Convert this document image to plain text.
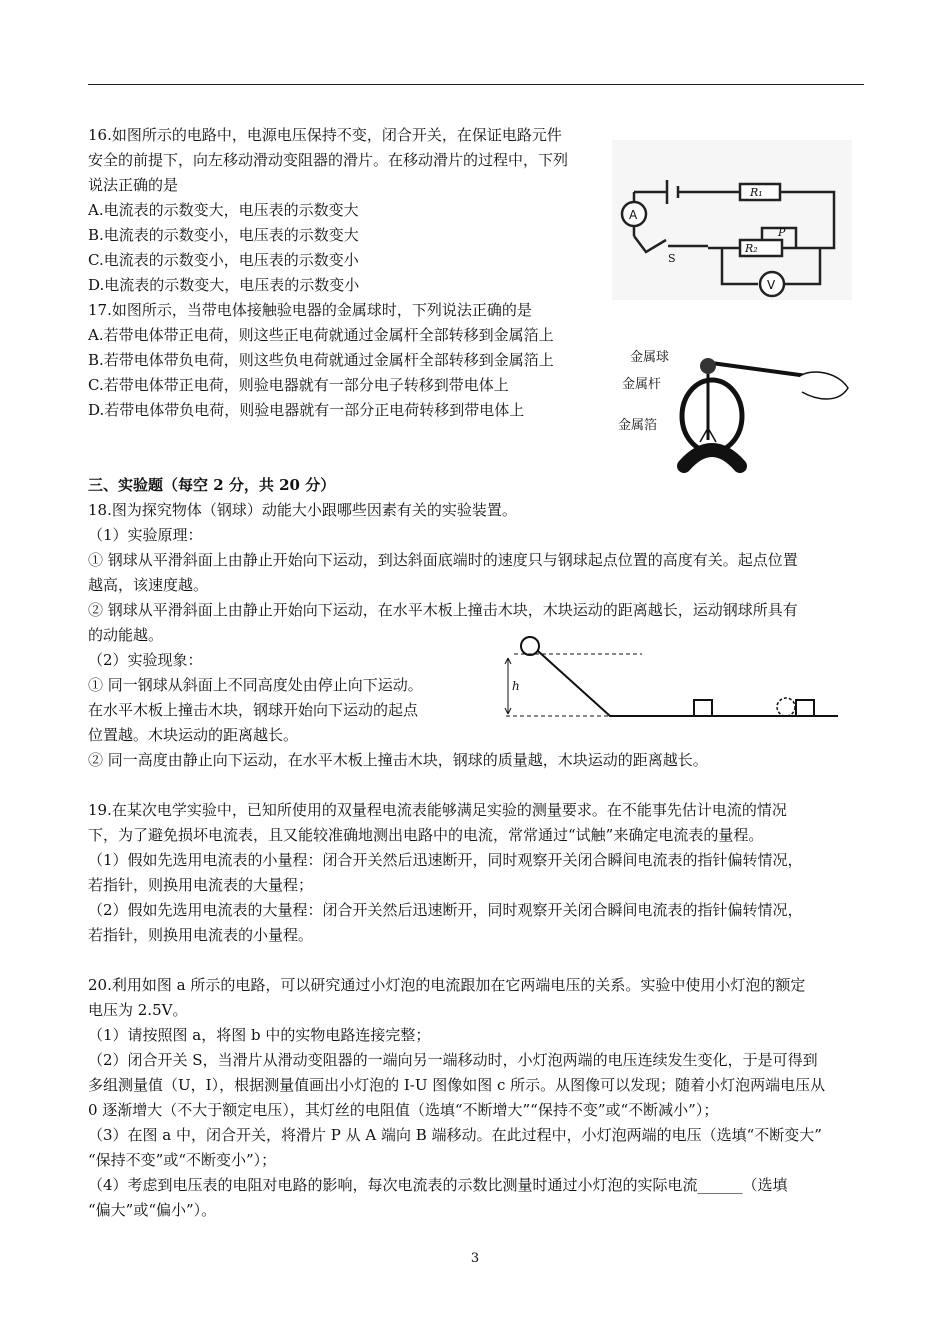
16.如图所示的电路中，电源电压保持不变，闭合开关，在保证电路元件
安全的前提下，向左移动滑动变阻器的滑片。在移动滑片的过程中，下列
说法正确的是
A.电流表的示数变大，电压表的示数变大
B.电流表的示数变小，电压表的示数变大
C.电流表的示数变小，电压表的示数变小
D.电流表的示数变大，电压表的示数变小
A
V
R₁
R₂
P
S
17.如图所示，当带电体接触验电器的金属球时，下列说法正确的是
A.若带电体带正电荷，则这些正电荷就通过金属杆全部转移到金属箔上
B.若带电体带负电荷，则这些负电荷就通过金属杆全部转移到金属箔上
C.若带电体带正电荷，则验电器就有一部分电子转移到带电体上
D.若带电体带负电荷，则验电器就有一部分正电荷转移到带电体上
金属球
金属杆
金属箔
三、实验题（每空 2 分，共 20 分）
18.图为探究物体（钢球）动能大小跟哪些因素有关的实验装置。
（1）实验原理：
① 钢球从平滑斜面上由静止开始向下运动，到达斜面底端时的速度只与钢球起点位置的高度有关。起点位置
越高，该速度越。
② 钢球从平滑斜面上由静止开始向下运动，在水平木板上撞击木块，木块运动的距离越长，运动钢球所具有
的动能越。
（2）实验现象：
① 同一钢球从斜面上不同高度处由停止向下运动。
在水平木板上撞击木块，钢球开始向下运动的起点
位置越。木块运动的距离越长。
② 同一高度由静止向下运动，在水平木板上撞击木块，钢球的质量越，木块运动的距离越长。
h
19.在某次电学实验中，已知所使用的双量程电流表能够满足实验的测量要求。在不能事先估计电流的情况
下，为了避免损坏电流表，且又能较准确地测出电路中的电流，常常通过“试触”来确定电流表的量程。
（1）假如先选用电流表的小量程：闭合开关然后迅速断开，同时观察开关闭合瞬间电流表的指针偏转情况，
若指针，则换用电流表的大量程；
（2）假如先选用电流表的大量程：闭合开关然后迅速断开，同时观察开关闭合瞬间电流表的指针偏转情况，
若指针，则换用电流表的小量程。
20.利用如图 a 所示的电路，可以研究通过小灯泡的电流跟加在它两端电压的关系。实验中使用小灯泡的额定
电压为 2.5V。
（1）请按照图 a，将图 b 中的实物电路连接完整；
（2）闭合开关 S，当滑片从滑动变阻器的一端向另一端移动时，小灯泡两端的电压连续发生变化，于是可得到
多组测量值（U，I），根据测量值画出小灯泡的 I-U 图像如图 c 所示。从图像可以发现；随着小灯泡两端电压从
0 逐渐增大（不大于额定电压），其灯丝的电阻值（选填“不断增大”“保持不变”或“不断减小”）；
（3）在图 a 中，闭合开关，将滑片 P 从 A 端向 B 端移动。在此过程中，小灯泡两端的电压（选填“不断变大”
“保持不变”或“不断变小”）；
（4）考虑到电压表的电阻对电路的影响，每次电流表的示数比测量时通过小灯泡的实际电流______（选填
“偏大”或“偏小”）。
3
